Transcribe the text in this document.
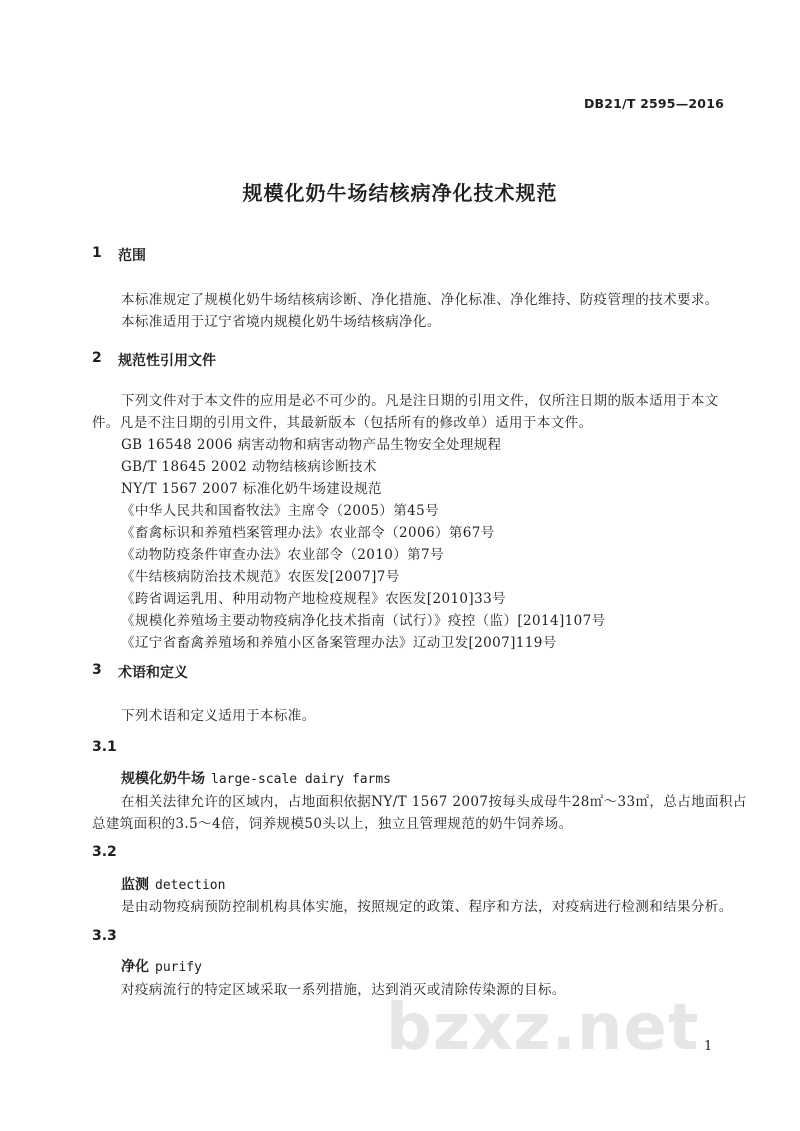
DB21/T 2595—2016
规模化奶牛场结核病净化技术规范
1 范围
本标准规定了规模化奶牛场结核病诊断、净化措施、净化标准、净化维持、防疫管理的技术要求。
本标准适用于辽宁省境内规模化奶牛场结核病净化。
2 规范性引用文件
下列文件对于本文件的应用是必不可少的。凡是注日期的引用文件，仅所注日期的版本适用于本文
件。凡是不注日期的引用文件，其最新版本（包括所有的修改单）适用于本文件。
GB 16548 2006 病害动物和病害动物产品生物安全处理规程
GB/T 18645 2002 动物结核病诊断技术
NY/T 1567 2007 标准化奶牛场建设规范
《中华人民共和国畜牧法》主席令（2005）第45号
《畜禽标识和养殖档案管理办法》农业部令（2006）第67号
《动物防疫条件审查办法》农业部令（2010）第7号
《牛结核病防治技术规范》农医发[2007]7号
《跨省调运乳用、种用动物产地检疫规程》农医发[2010]33号
《规模化养殖场主要动物疫病净化技术指南（试行）》疫控（监）[2014]107号
《辽宁省畜禽养殖场和养殖小区备案管理办法》辽动卫发[2007]119号
3 术语和定义
下列术语和定义适用于本标准。
3.1
规模化奶牛场 large-scale dairy farms
在相关法律允许的区域内，占地面积依据NY/T 1567 2007按每头成母牛28㎡～33㎡，总占地面积占
总建筑面积的3.5～4倍，饲养规模50头以上，独立且管理规范的奶牛饲养场。
3.2
监测 detection
是由动物疫病预防控制机构具体实施，按照规定的政策、程序和方法，对疫病进行检测和结果分析。
3.3
净化 purify
对疫病流行的特定区域采取一系列措施，达到消灭或清除传染源的目标。
bzxz.net 1
